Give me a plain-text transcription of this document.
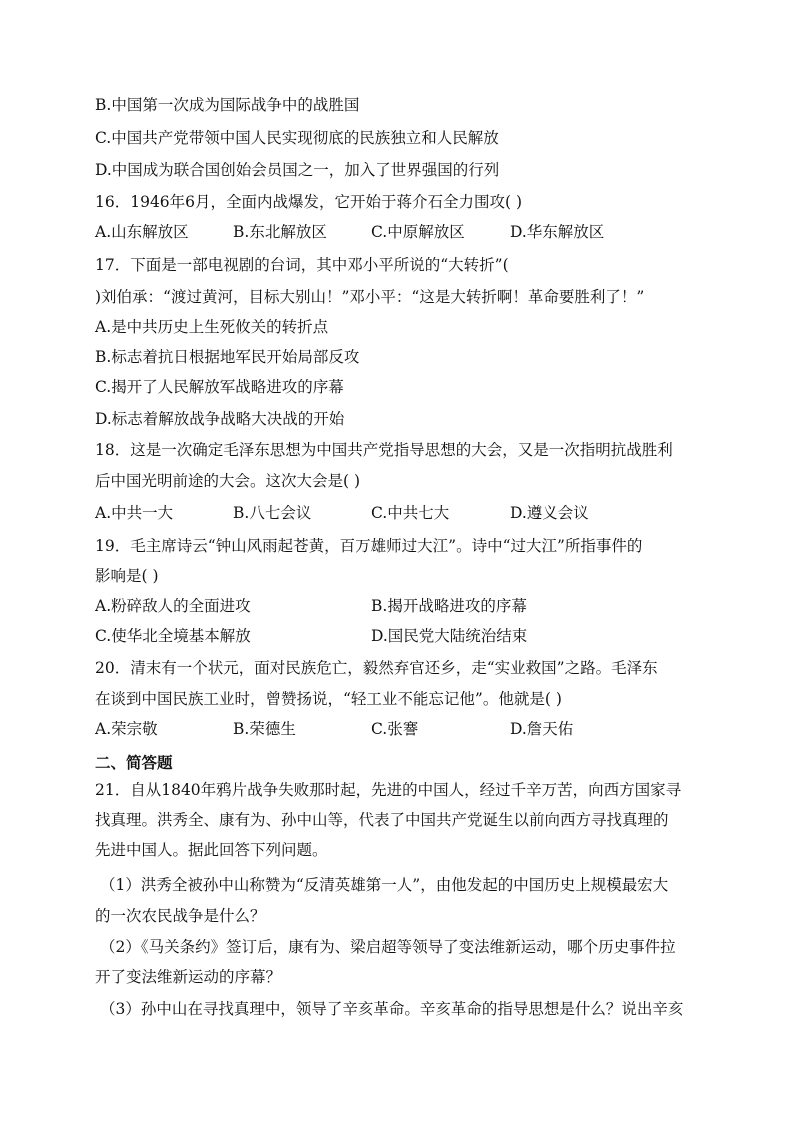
B.中国第一次成为国际战争中的战胜国
C.中国共产党带领中国人民实现彻底的民族独立和人民解放
D.中国成为联合国创始会员国之一，加入了世界强国的行列
16．1946年6月，全面内战爆发，它开始于蒋介石全力围攻( )
A.山东解放区	B.东北解放区	C.中原解放区	D.华东解放区
17．下面是一部电视剧的台词，其中邓小平所说的“大转折”(
)刘伯承：“渡过黄河，目标大别山！”邓小平：“这是大转折啊！革命要胜利了！”
A.是中共历史上生死攸关的转折点
B.标志着抗日根据地军民开始局部反攻
C.揭开了人民解放军战略进攻的序幕
D.标志着解放战争战略大决战的开始
18．这是一次确定毛泽东思想为中国共产党指导思想的大会，又是一次指明抗战胜利
后中国光明前途的大会。这次大会是( )
A.中共一大	B.八七会议	C.中共七大	D.遵义会议
19．毛主席诗云“钟山风雨起苍黄，百万雄师过大江”。诗中“过大江”所指事件的
影响是( )
A.粉碎敌人的全面进攻	B.揭开战略进攻的序幕
C.使华北全境基本解放	D.国民党大陆统治结束
20．清末有一个状元，面对民族危亡，毅然弃官还乡，走“实业救国”之路。毛泽东
在谈到中国民族工业时，曾赞扬说，“轻工业不能忘记他”。他就是( )
A.荣宗敬	B.荣德生	C.张謇	D.詹天佑
二、简答题
21．自从1840年鸦片战争失败那时起，先进的中国人，经过千辛万苦，向西方国家寻
找真理。洪秀全、康有为、孙中山等，代表了中国共产党诞生以前向西方寻找真理的
先进中国人。据此回答下列问题。
（1）洪秀全被孙中山称赞为“反清英雄第一人”，由他发起的中国历史上规模最宏大
的一次农民战争是什么？
（2）《马关条约》签订后，康有为、梁启超等领导了变法维新运动，哪个历史事件拉
开了变法维新运动的序幕？
（3）孙中山在寻找真理中，领导了辛亥革命。辛亥革命的指导思想是什么？说出辛亥
